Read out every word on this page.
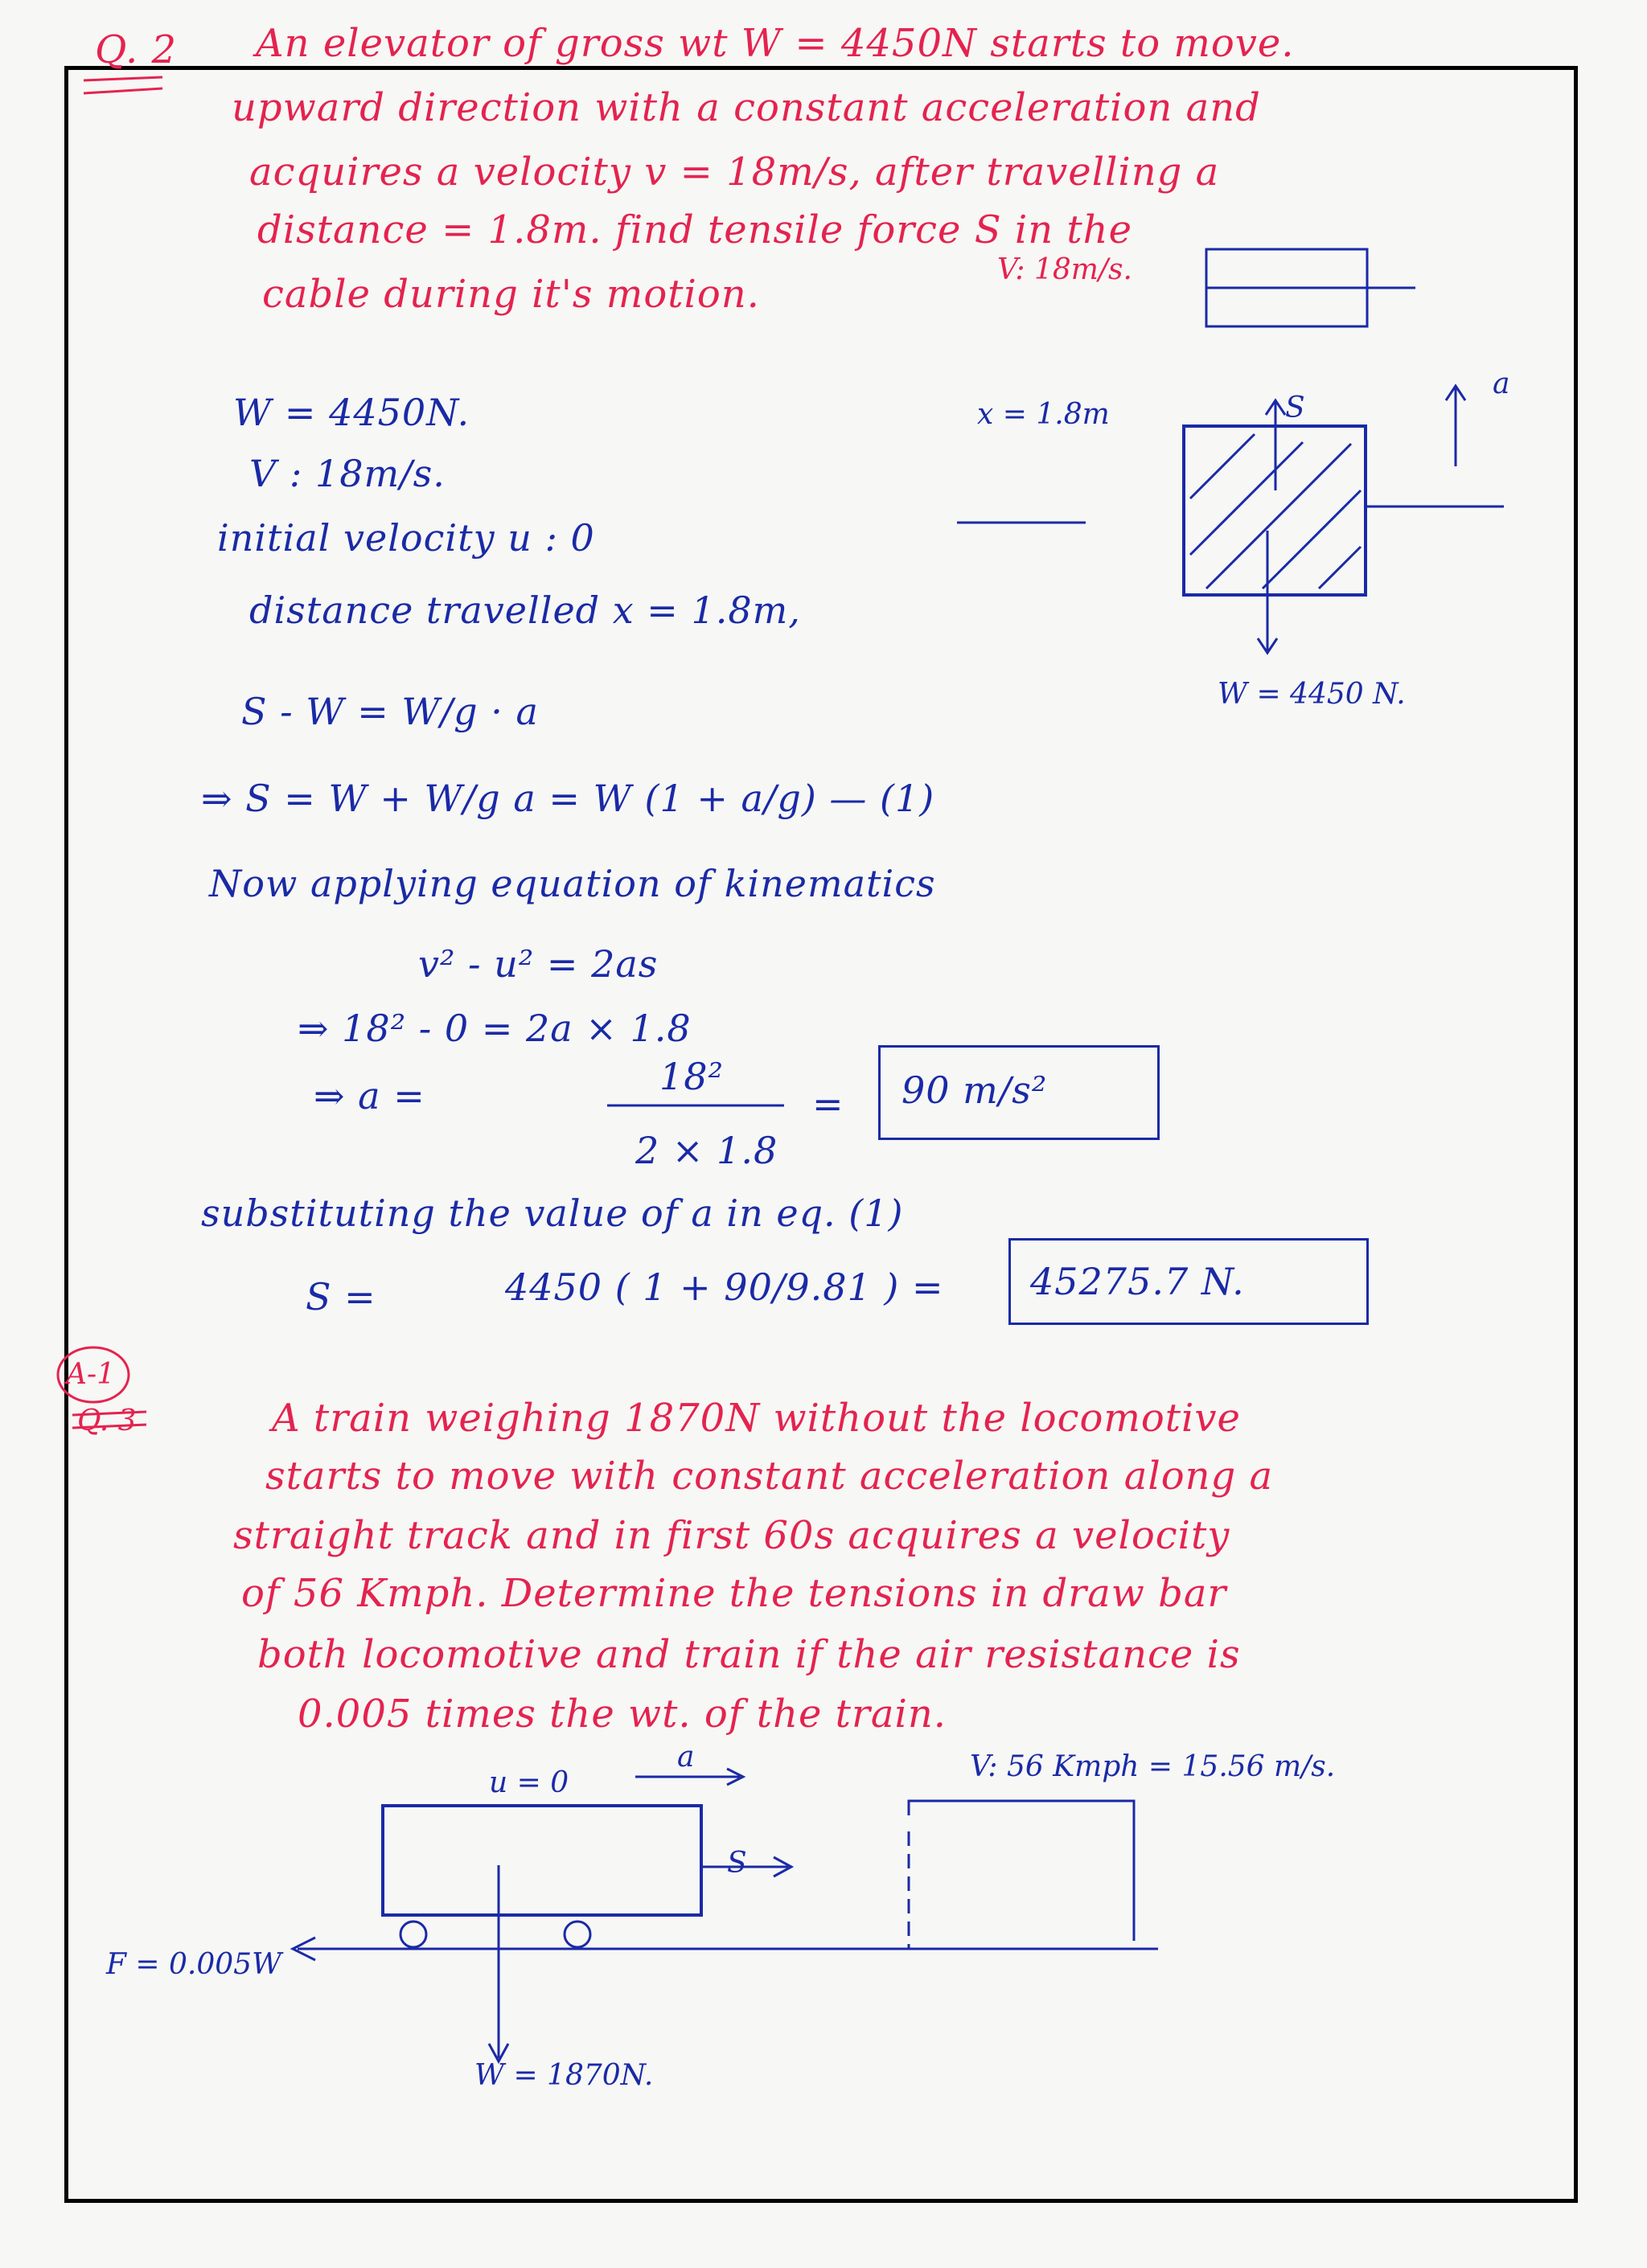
Q. 2 An elevator of gross wt W = 4450N starts to move.
upward direction with a constant acceleration and
acquires a velocity v = 18m/s, after travelling a
distance = 1.8m. find tensile force S in the
cable during it's motion.
V: 18m/s.
W = 4450N.
V : 18m/s.
initial velocity u : 0
distance travelled x = 1.8m,
x = 1.8m	S
a
W = 4450 N.
S - W = W/g · a
⇒ S = W + W/g a = W (1 + a/g) — (1)
Now applying equation of kinematics
v² - u² = 2as
⇒ 18² - 0 = 2a × 1.8
⇒ a =	18²
2 × 1.8
= 90 m/s²
substituting the value of a in eq. (1)
S =	4450 ( 1 + 90/9.81 ) = 45275.7 N.
A-1
Q. 3	A train weighing 1870N without the locomotive
starts to move with constant acceleration along a
straight track and in first 60s acquires a velocity
of 56 Kmph. Determine the tensions in draw bar
both locomotive and train if the air resistance is
0.005 times the wt. of the train.
u = 0
a	V: 56 Kmph = 15.56 m/s.
S
F = 0.005W
W = 1870N.
